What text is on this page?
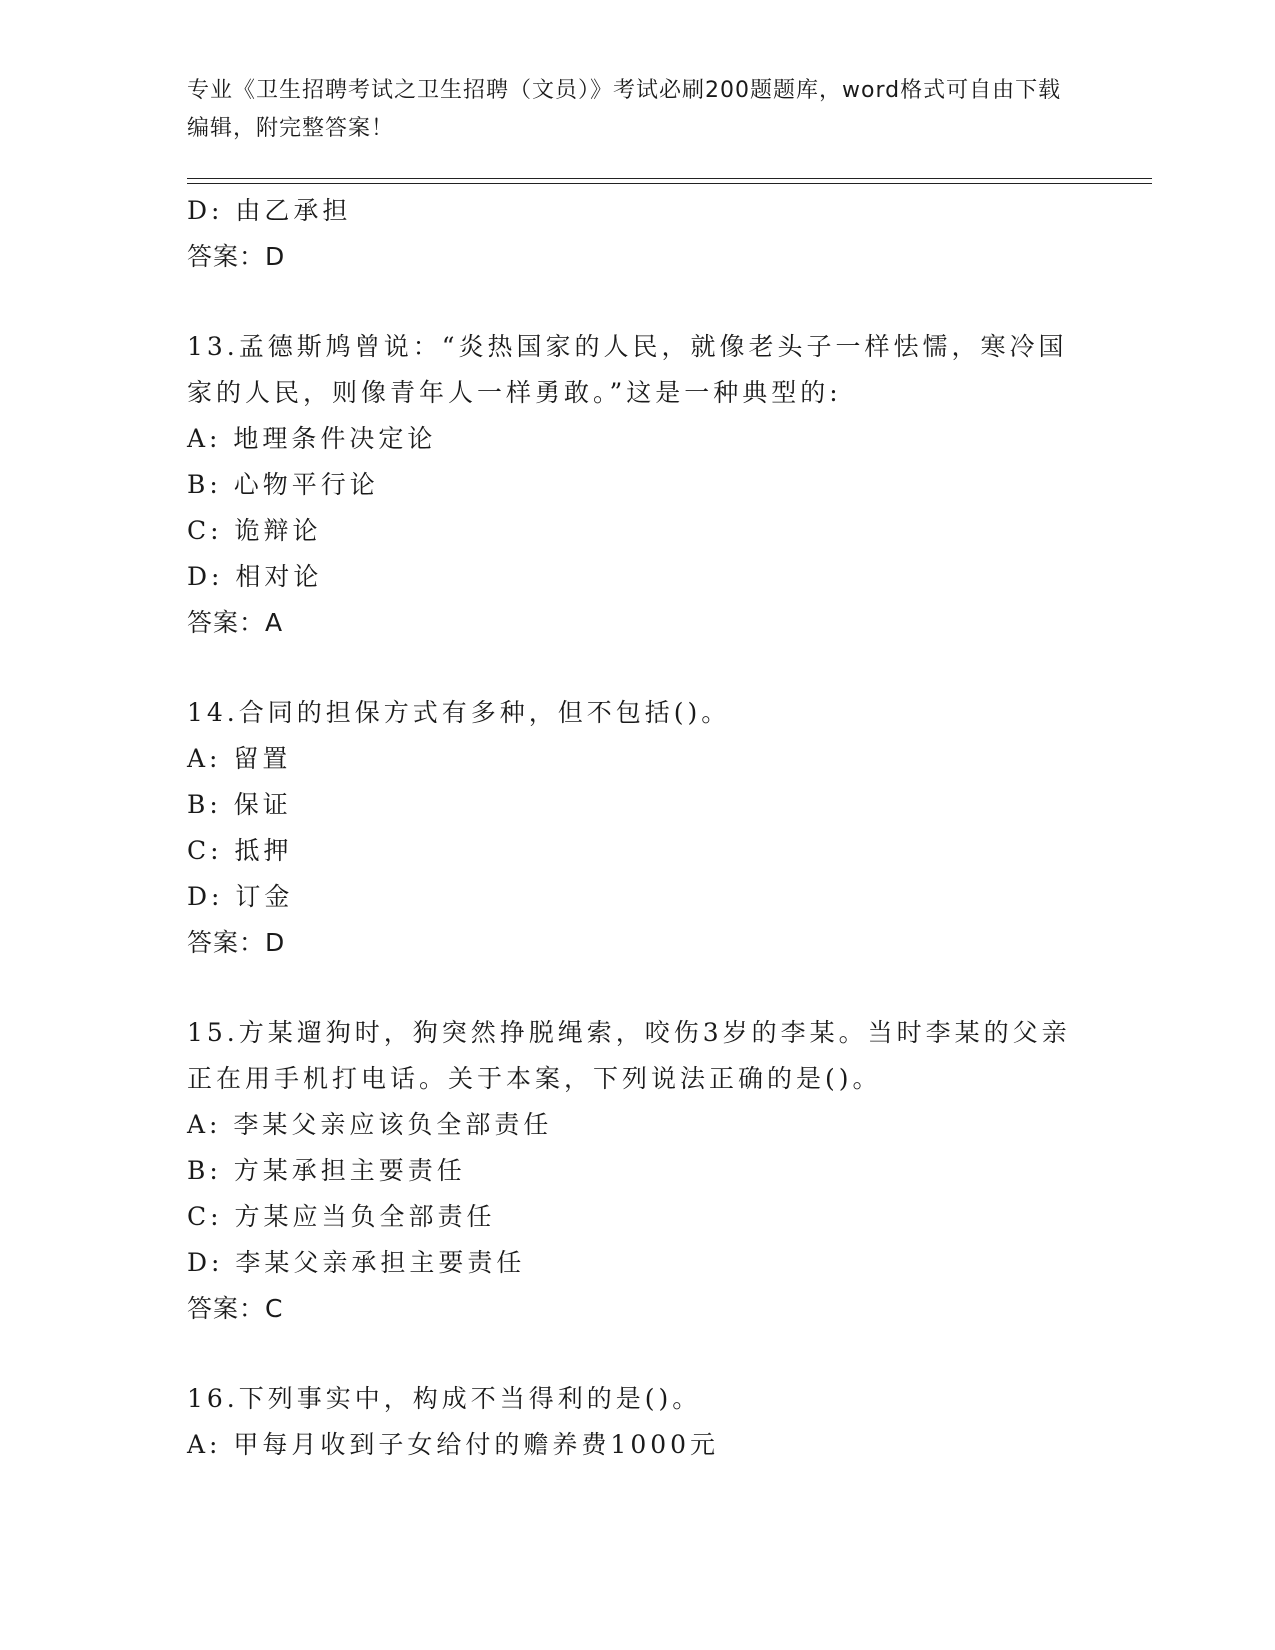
专业《卫生招聘考试之卫生招聘（文员）》考试必刷200题题库，word格式可自由下载编辑，附完整答案！
D: 由乙承担
答案：D
13.孟德斯鸠曾说：“炎热国家的人民，就像老头子一样怯懦，寒冷国
家的人民，则像青年人一样勇敢。”这是一种典型的:
A: 地理条件决定论
B: 心物平行论
C: 诡辩论
D: 相对论
答案：A
14.合同的担保方式有多种，但不包括()。
A: 留置
B: 保证
C: 抵押
D: 订金
答案：D
15.方某遛狗时，狗突然挣脱绳索，咬伤3岁的李某。当时李某的父亲
正在用手机打电话。关于本案，下列说法正确的是()。
A: 李某父亲应该负全部责任
B: 方某承担主要责任
C: 方某应当负全部责任
D: 李某父亲承担主要责任
答案：C
16.下列事实中，构成不当得利的是()。
A: 甲每月收到子女给付的赡养费1000元
